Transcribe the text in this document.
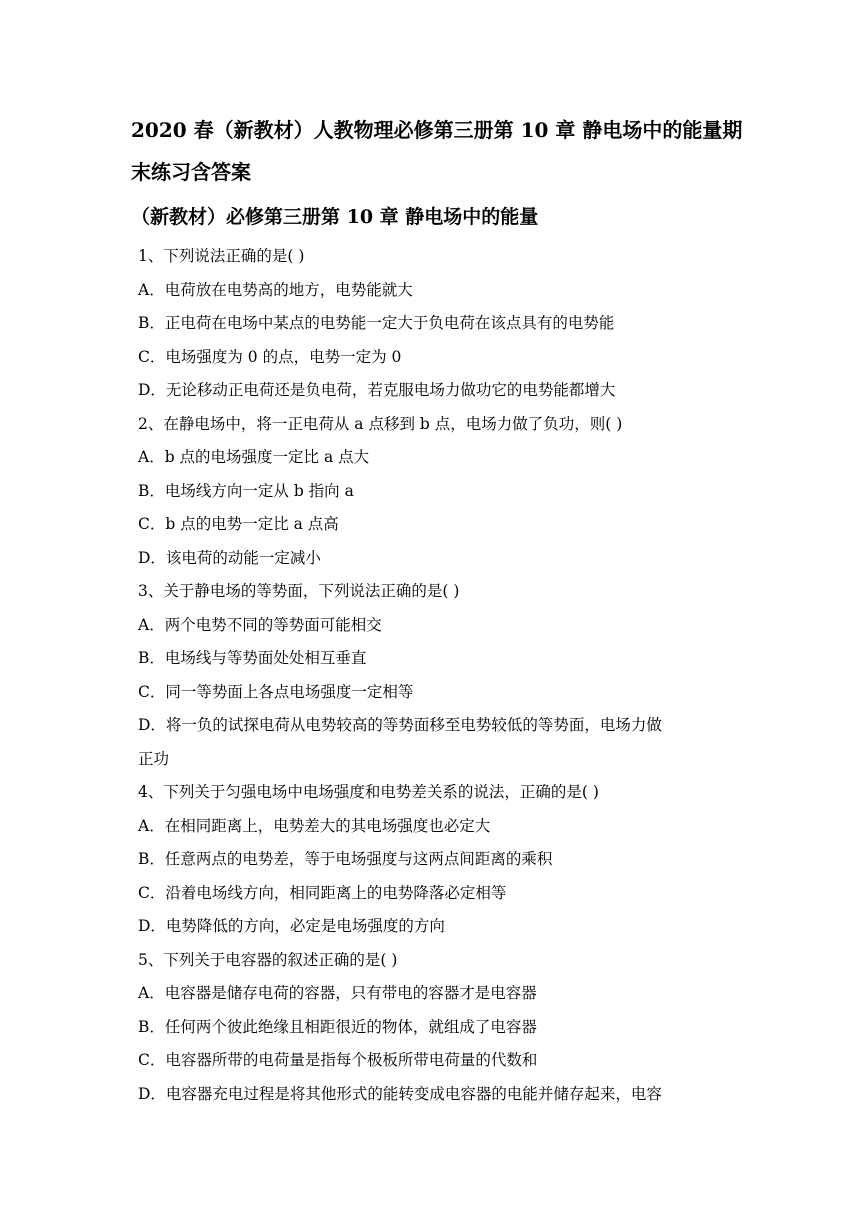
2020 春（新教材）人教物理必修第三册第 10 章 静电场中的能量期
末练习含答案
（新教材）必修第三册第 10 章 静电场中的能量
1、下列说法正确的是( )
A．电荷放在电势高的地方，电势能就大
B．正电荷在电场中某点的电势能一定大于负电荷在该点具有的电势能
C．电场强度为 0 的点，电势一定为 0
D．无论移动正电荷还是负电荷，若克服电场力做功它的电势能都增大
2、在静电场中，将一正电荷从 a 点移到 b 点，电场力做了负功，则( )
A．b 点的电场强度一定比 a 点大
B．电场线方向一定从 b 指向 a
C．b 点的电势一定比 a 点高
D．该电荷的动能一定减小
3、关于静电场的等势面，下列说法正确的是( )
A．两个电势不同的等势面可能相交
B．电场线与等势面处处相互垂直
C．同一等势面上各点电场强度一定相等
D．将一负的试探电荷从电势较高的等势面移至电势较低的等势面，电场力做
正功
4、下列关于匀强电场中电场强度和电势差关系的说法，正确的是( )
A．在相同距离上，电势差大的其电场强度也必定大
B．任意两点的电势差，等于电场强度与这两点间距离的乘积
C．沿着电场线方向，相同距离上的电势降落必定相等
D．电势降低的方向，必定是电场强度的方向
5、下列关于电容器的叙述正确的是( )
A．电容器是储存电荷的容器，只有带电的容器才是电容器
B．任何两个彼此绝缘且相距很近的物体，就组成了电容器
C．电容器所带的电荷量是指每个极板所带电荷量的代数和
D．电容器充电过程是将其他形式的能转变成电容器的电能并储存起来，电容
